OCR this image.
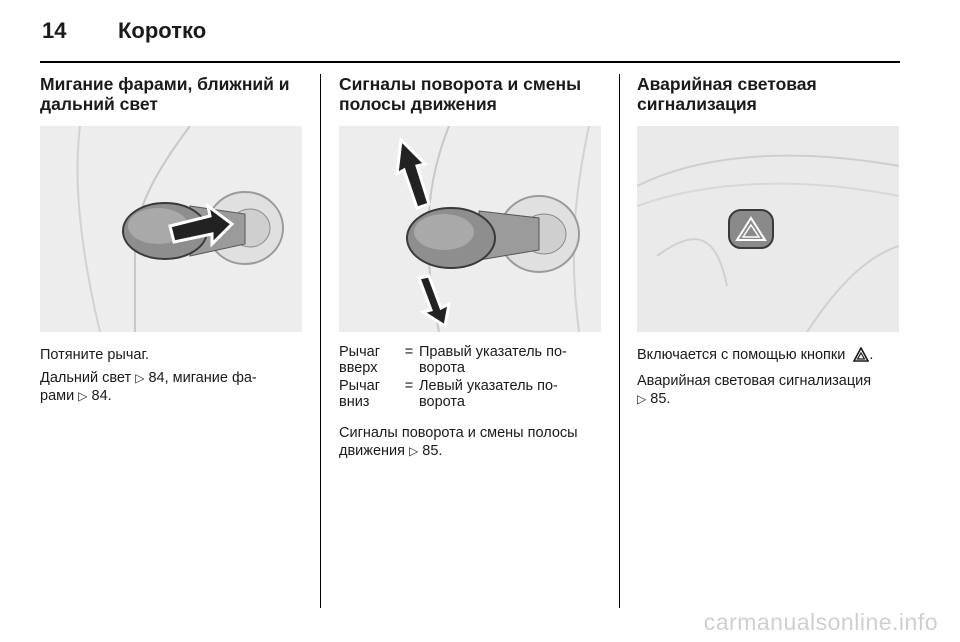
14	Коротко
Мигание фарами, ближний и дальний свет

Потяните рычаг.

Дальний свет ▷ 84, мигание фа-
рами ▷ 84.

Сигналы поворота и смены полосы движения
Рычаг вверх	=	Правый указатель по-ворота

Рычаг вниз	=	Левый указатель по-ворота

Сигналы поворота и смены полосы движения ▷ 85.

Аварийная световая сигнализация

Включается с помощью кнопки .

Аварийная световая сигнализация
▷ 85.

carmanualsonline.info
